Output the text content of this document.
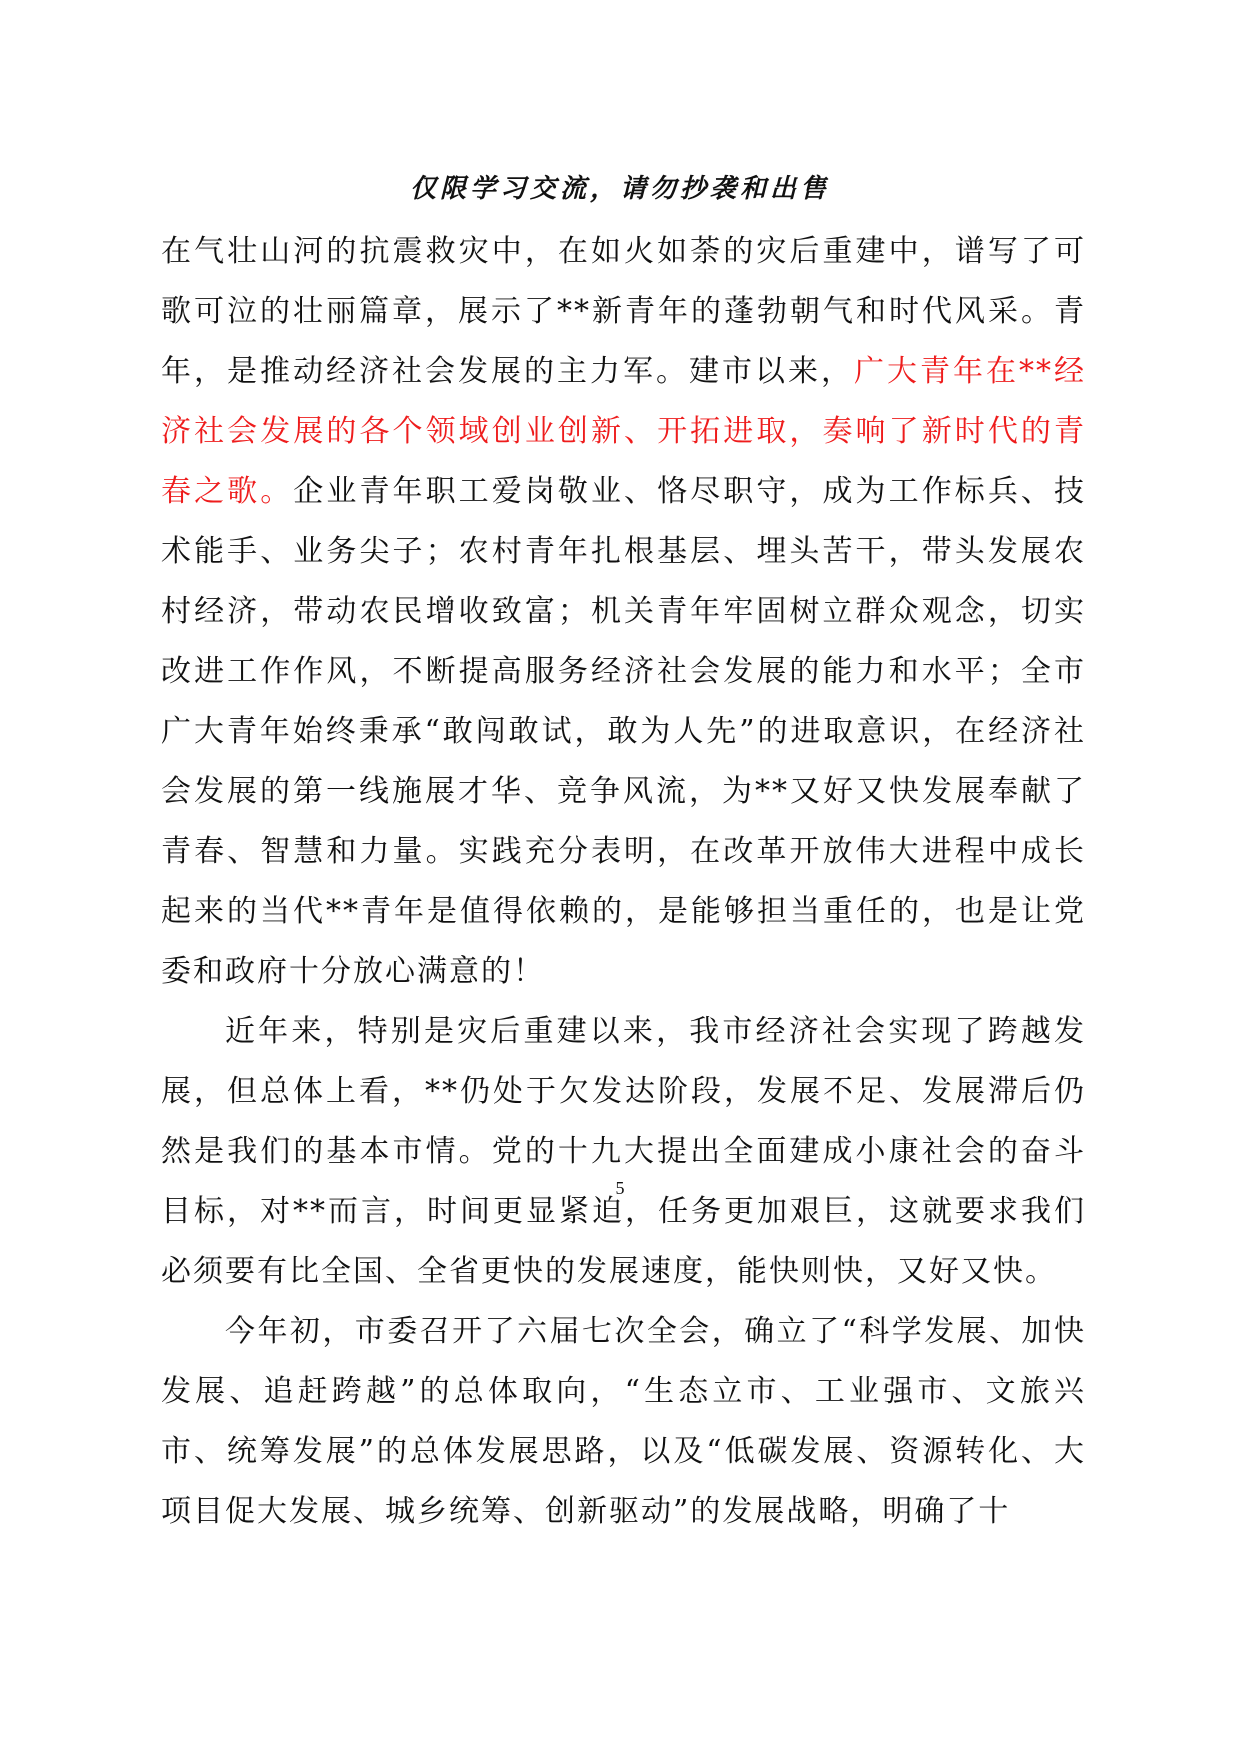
仅限学习交流，请勿抄袭和出售

在气壮山河的抗震救灾中，在如火如荼的灾后重建中，谱写了可歌可泣的壮丽篇章，展示了**新青年的蓬勃朝气和时代风采。青年，是推动经济社会发展的主力军。建市以来，广大青年在**经济社会发展的各个领域创业创新、开拓进取，奏响了新时代的青春之歌。企业青年职工爱岗敬业、恪尽职守，成为工作标兵、技术能手、业务尖子；农村青年扎根基层、埋头苦干，带头发展农村经济，带动农民增收致富；机关青年牢固树立群众观念，切实改进工作作风，不断提高服务经济社会发展的能力和水平；全市广大青年始终秉承“敢闯敢试，敢为人先”的进取意识，在经济社会发展的第一线施展才华、竞争风流，为**又好又快发展奉献了青春、智慧和力量。实践充分表明，在改革开放伟大进程中成长起来的当代**青年是值得依赖的，是能够担当重任的，也是让党委和政府十分放心满意的！

近年来，特别是灾后重建以来，我市经济社会实现了跨越发展，但总体上看，**仍处于欠发达阶段，发展不足、发展滞后仍然是我们的基本市情。党的十九大提出全面建成小康社会的奋斗目标，对**而言，时间更显紧迫，任务更加艰巨，这就要求我们必须要有比全国、全省更快的发展速度，能快则快，又好又快。

今年初，市委召开了六届七次全会，确立了“科学发展、加快发展、追赶跨越”的总体取向，“生态立市、工业强市、文旅兴市、统筹发展”的总体发展思路，以及“低碳发展、资源转化、大项目促大发展、城乡统筹、创新驱动”的发展战略，明确了十

5
